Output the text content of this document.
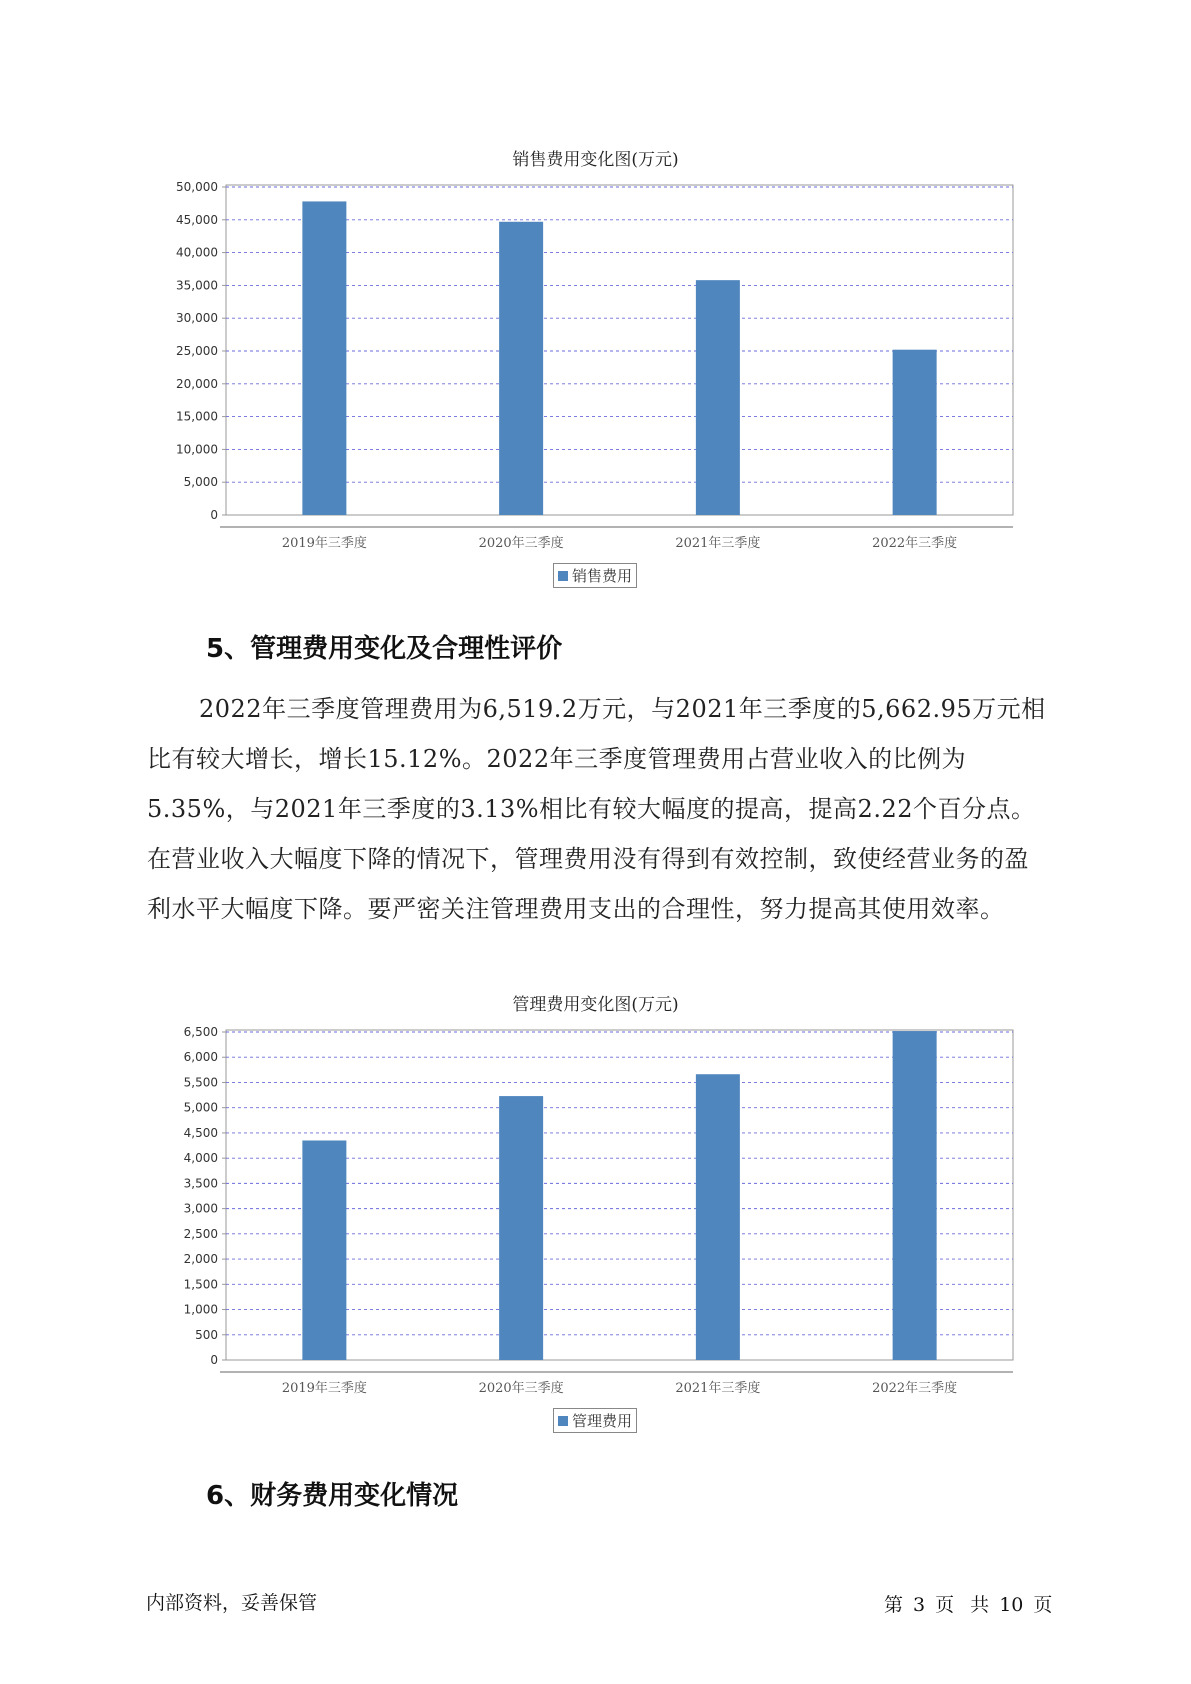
销售费用变化图(万元)
0
5,000
10,000
15,000
20,000
25,000
30,000
35,000
40,000
45,000
50,000
2019年三季度	2020年三季度	2021年三季度	2022年三季度
销售费用
5、管理费用变化及合理性评价
2022年三季度管理费用为6,519.2万元，与2021年三季度的5,662.95万元相比有较大增长，增长15.12%。2022年三季度管理费用占营业收入的比例为5.35%，与2021年三季度的3.13%相比有较大幅度的提高，提高2.22个百分点。在营业收入大幅度下降的情况下，管理费用没有得到有效控制，致使经营业务的盈利水平大幅度下降。要严密关注管理费用支出的合理性，努力提高其使用效率。
管理费用变化图(万元)
0
500
1,000
1,500
2,000
2,500
3,000
3,500
4,000
4,500
5,000
5,500
6,000
6,500
2019年三季度	2020年三季度	2021年三季度	2022年三季度
管理费用
6、财务费用变化情况
内部资料，妥善保管	第 3 页 共 10 页
